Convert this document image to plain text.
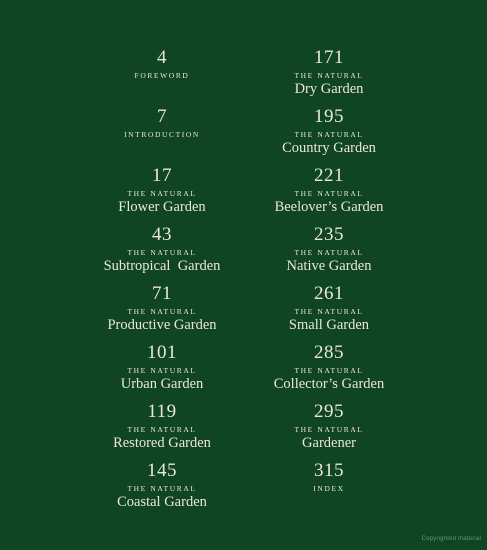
4
FOREWORD
7
INTRODUCTION
17
THE NATURAL
Flower Garden
43
THE NATURAL
Subtropical  Garden
71
THE NATURAL
Productive Garden
101
THE NATURAL
Urban Garden
119
THE NATURAL
Restored Garden
145
THE NATURAL
Coastal Garden
171
THE NATURAL
Dry Garden
195
THE NATURAL
Country Garden
221
THE NATURAL
Beelover’s Garden
235
THE NATURAL
Native Garden
261
THE NATURAL
Small Garden
285
THE NATURAL
Collector’s Garden
295
THE NATURAL
Gardener
315
INDEX
Copyrighted material
